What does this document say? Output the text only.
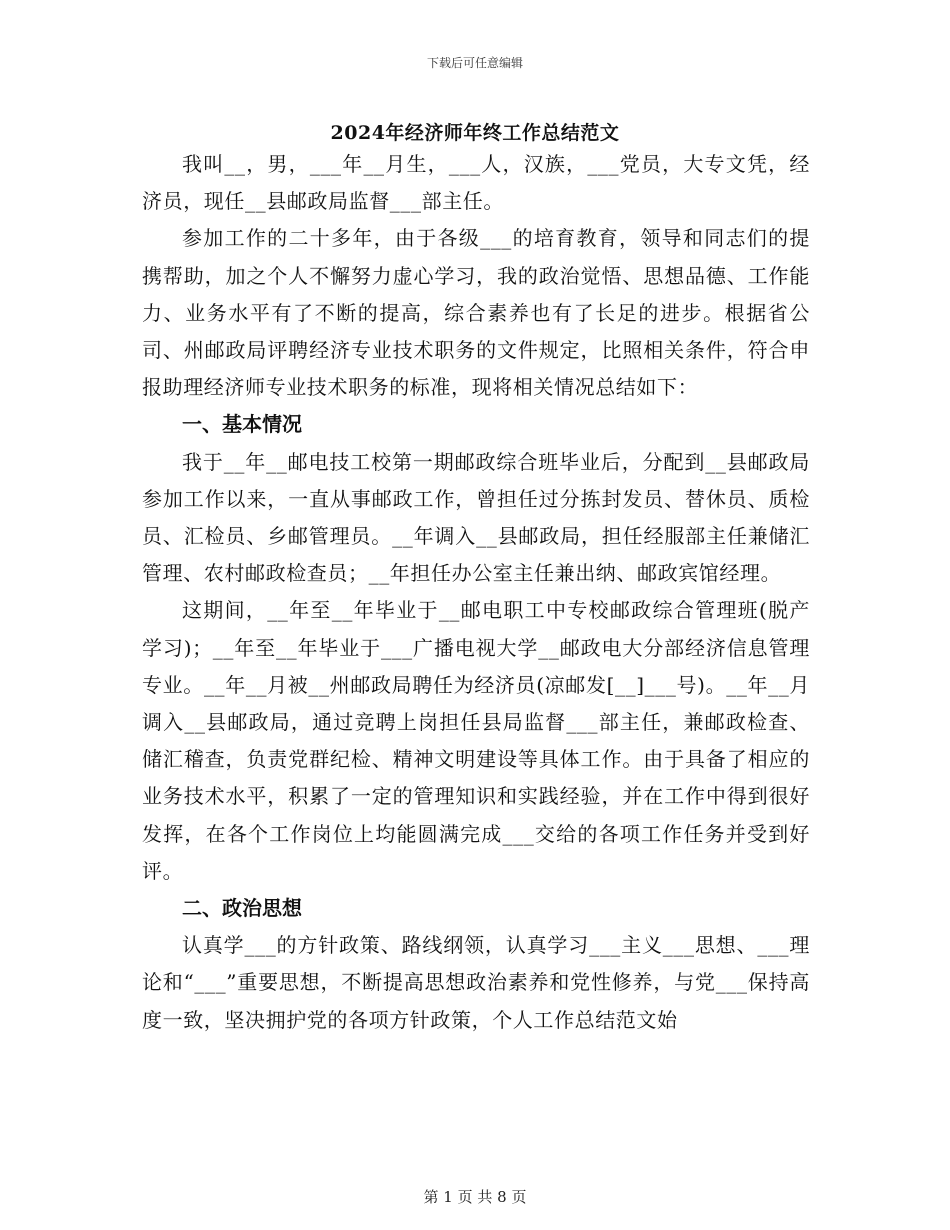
下载后可任意编辑
2024年经济师年终工作总结范文

我叫__，男，___年__月生，___人，汉族，___党员，大专文凭，经济员，现任__县邮政局监督___部主任。

参加工作的二十多年，由于各级___的培育教育，领导和同志们的提携帮助，加之个人不懈努力虚心学习，我的政治觉悟、思想品德、工作能力、业务水平有了不断的提高，综合素养也有了长足的进步。根据省公司、州邮政局评聘经济专业技术职务的文件规定，比照相关条件，符合申报助理经济师专业技术职务的标准，现将相关情况总结如下：

一、基本情况

我于__年__邮电技工校第一期邮政综合班毕业后，分配到__县邮政局参加工作以来，一直从事邮政工作，曾担任过分拣封发员、替休员、质检员、汇检员、乡邮管理员。__年调入__县邮政局，担任经服部主任兼储汇管理、农村邮政检查员；__年担任办公室主任兼出纳、邮政宾馆经理。

这期间，__年至__年毕业于__邮电职工中专校邮政综合管理班(脱产学习)；__年至__年毕业于___广播电视大学__邮政电大分部经济信息管理专业。__年__月被__州邮政局聘任为经济员(凉邮发[__]___号)。__年__月调入__县邮政局，通过竞聘上岗担任县局监督___部主任，兼邮政检查、储汇稽查，负责党群纪检、精神文明建设等具体工作。由于具备了相应的业务技术水平，积累了一定的管理知识和实践经验，并在工作中得到很好发挥，在各个工作岗位上均能圆满完成___交给的各项工作任务并受到好评。

二、政治思想

认真学___的方针政策、路线纲领，认真学习___主义___思想、___理论和“___”重要思想，不断提高思想政治素养和党性修养，与党___保持高度一致，坚决拥护党的各项方针政策，个人工作总结范文始

第 1 页 共 8 页
